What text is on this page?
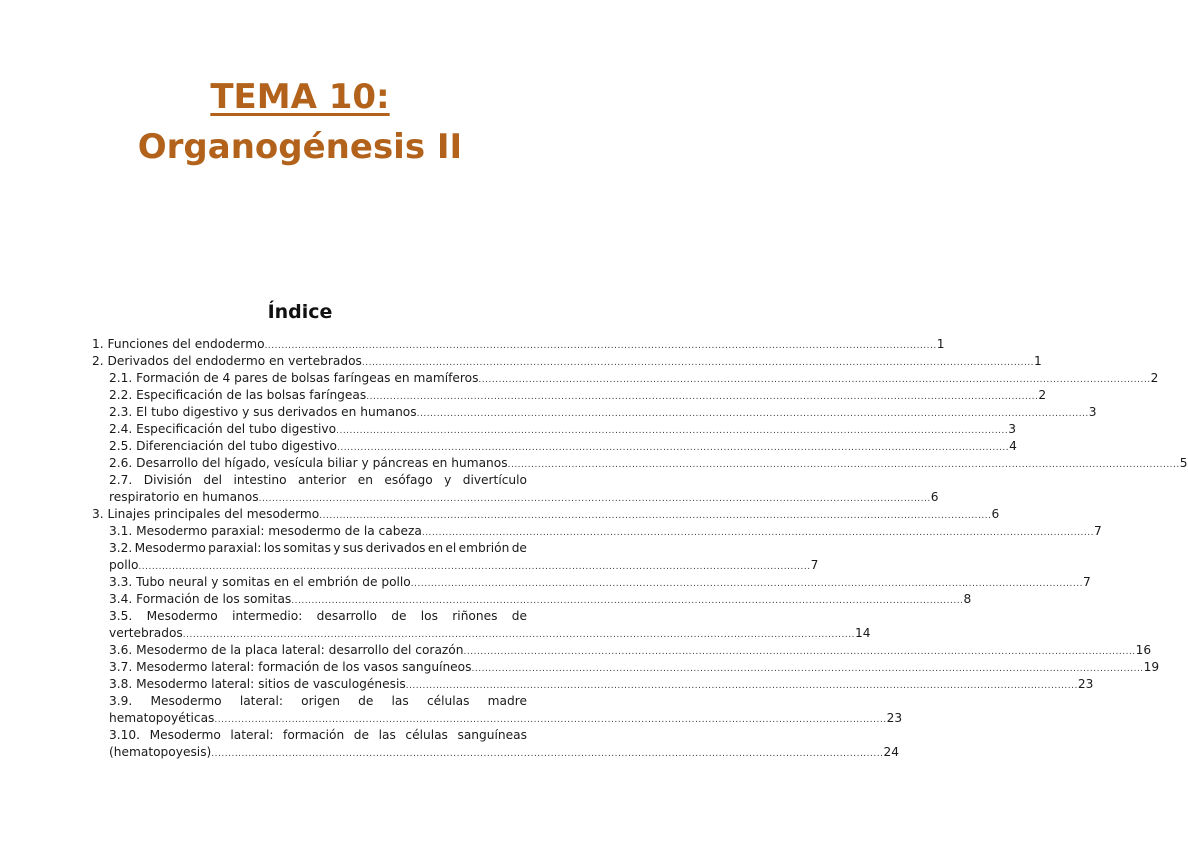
TEMA 10:
Organogénesis II
Índice
1. Funciones del endodermo ........................................................................................................................................................................................................ 1
2. Derivados del endodermo en vertebrados ........................................................................................................................................................................................................ 1
2.1. Formación de 4 pares de bolsas faríngeas en mamíferos ........................................................................................................................................................................................................ 2
2.2. Especificación de las bolsas faríngeas ........................................................................................................................................................................................................ 2
2.3. El tubo digestivo y sus derivados en humanos ........................................................................................................................................................................................................ 3
2.4. Especificación del tubo digestivo ........................................................................................................................................................................................................ 3
2.5. Diferenciación del tubo digestivo ........................................................................................................................................................................................................ 4
2.6. Desarrollo del hígado, vesícula biliar y páncreas en humanos ........................................................................................................................................................................................................ 5
2.7. División del intestino anterior en esófago y divertículo
respiratorio en humanos ........................................................................................................................................................................................................ 6
3. Linajes principales del mesodermo ........................................................................................................................................................................................................ 6
3.1. Mesodermo paraxial: mesodermo de la cabeza ........................................................................................................................................................................................................ 7
3.2. Mesodermo paraxial: los somitas y sus derivados en el embrión de
pollo ........................................................................................................................................................................................................ 7
3.3. Tubo neural y somitas en el embrión de pollo ........................................................................................................................................................................................................ 7
3.4. Formación de los somitas ........................................................................................................................................................................................................ 8
3.5. Mesodermo intermedio: desarrollo de los riñones de
vertebrados ........................................................................................................................................................................................................ 14
3.6. Mesodermo de la placa lateral: desarrollo del corazón ........................................................................................................................................................................................................ 16
3.7. Mesodermo lateral: formación de los vasos sanguíneos ........................................................................................................................................................................................................ 19
3.8. Mesodermo lateral: sitios de vasculogénesis ........................................................................................................................................................................................................ 23
3.9. Mesodermo lateral: origen de las células madre
hematopoyéticas ........................................................................................................................................................................................................ 23
3.10. Mesodermo lateral: formación de las células sanguíneas
(hematopoyesis) ........................................................................................................................................................................................................ 24
